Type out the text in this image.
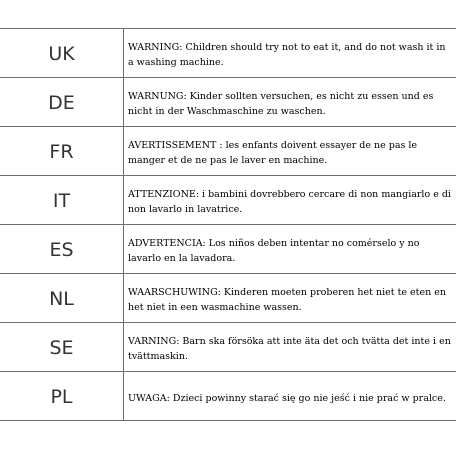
UK	WARNING: Children should try not to eat it, and do not wash it in a washing machine.
DE	WARNUNG: Kinder sollten versuchen, es nicht zu essen und es nicht in der Waschmaschine zu waschen.
FR	AVERTISSEMENT : les enfants doivent essayer de ne pas le manger et de ne pas le laver en machine.
IT	ATTENZIONE: i bambini dovrebbero cercare di non mangiarlo e di non lavarlo in lavatrice.
ES	ADVERTENCIA: Los niños deben intentar no comérselo y no lavarlo en la lavadora.
NL	WAARSCHUWING: Kinderen moeten proberen het niet te eten en het niet in een wasmachine wassen.
SE	VARNING: Barn ska försöka att inte äta det och tvätta det inte i en tvättmaskin.
PL	UWAGA: Dzieci powinny starać się go nie jeść i nie prać w pralce.
